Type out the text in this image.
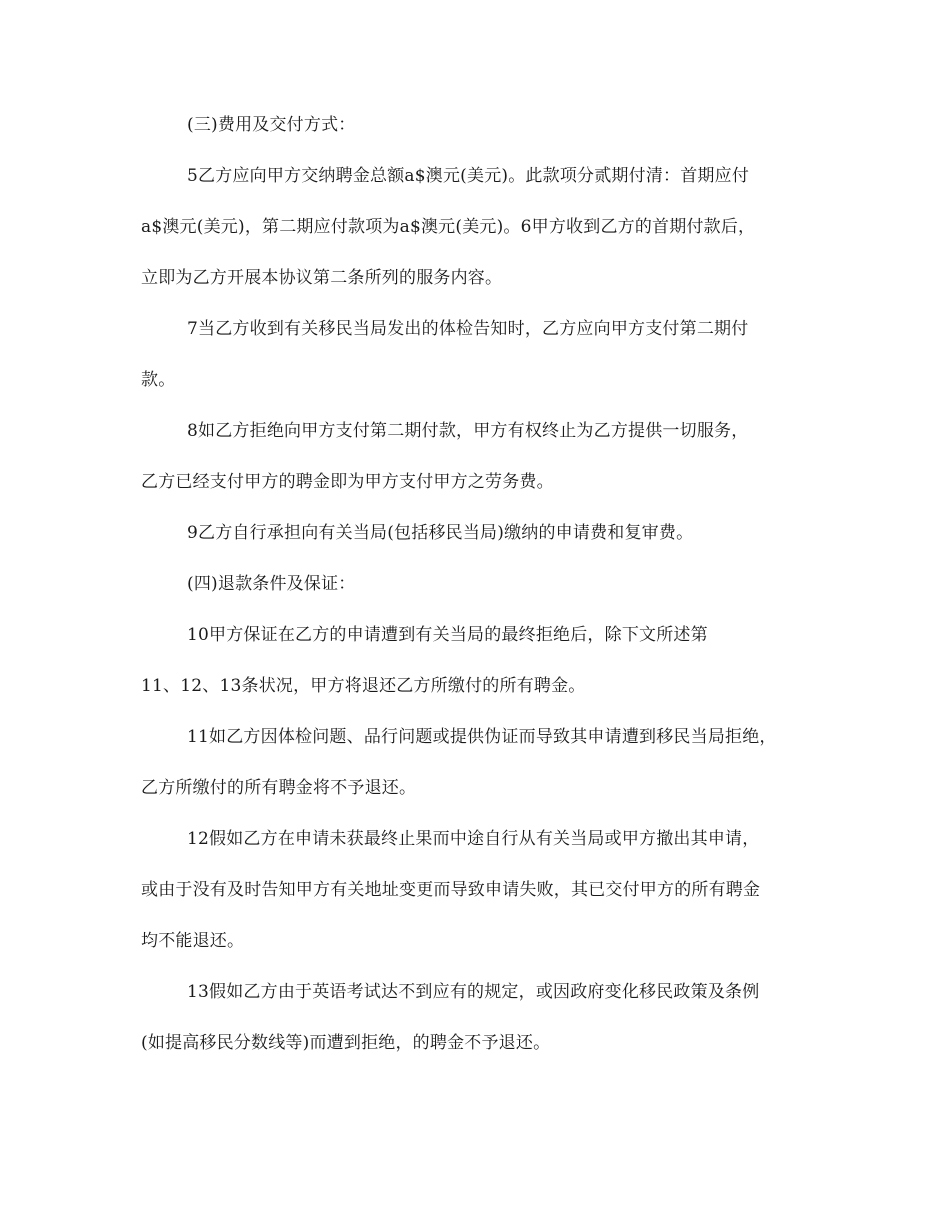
(三)费用及交付方式：
5乙方应向甲方交纳聘金总额a$澳元(美元)。此款项分贰期付清：首期应付
a$澳元(美元)，第二期应付款项为a$澳元(美元)。6甲方收到乙方的首期付款后，
立即为乙方开展本协议第二条所列的服务内容。
7当乙方收到有关移民当局发出的体检告知时，乙方应向甲方支付第二期付
款。
8如乙方拒绝向甲方支付第二期付款，甲方有权终止为乙方提供一切服务，
乙方已经支付甲方的聘金即为甲方支付甲方之劳务费。
9乙方自行承担向有关当局(包括移民当局)缴纳的申请费和复审费。
(四)退款条件及保证：
10甲方保证在乙方的申请遭到有关当局的最终拒绝后，除下文所述第
11、12、13条状况，甲方将退还乙方所缴付的所有聘金。
11如乙方因体检问题、品行问题或提供伪证而导致其申请遭到移民当局拒绝，
乙方所缴付的所有聘金将不予退还。
12假如乙方在申请未获最终止果而中途自行从有关当局或甲方撤出其申请，
或由于没有及时告知甲方有关地址变更而导致申请失败，其已交付甲方的所有聘金
均不能退还。
13假如乙方由于英语考试达不到应有的规定，或因政府变化移民政策及条例
(如提高移民分数线等)而遭到拒绝，的聘金不予退还。
